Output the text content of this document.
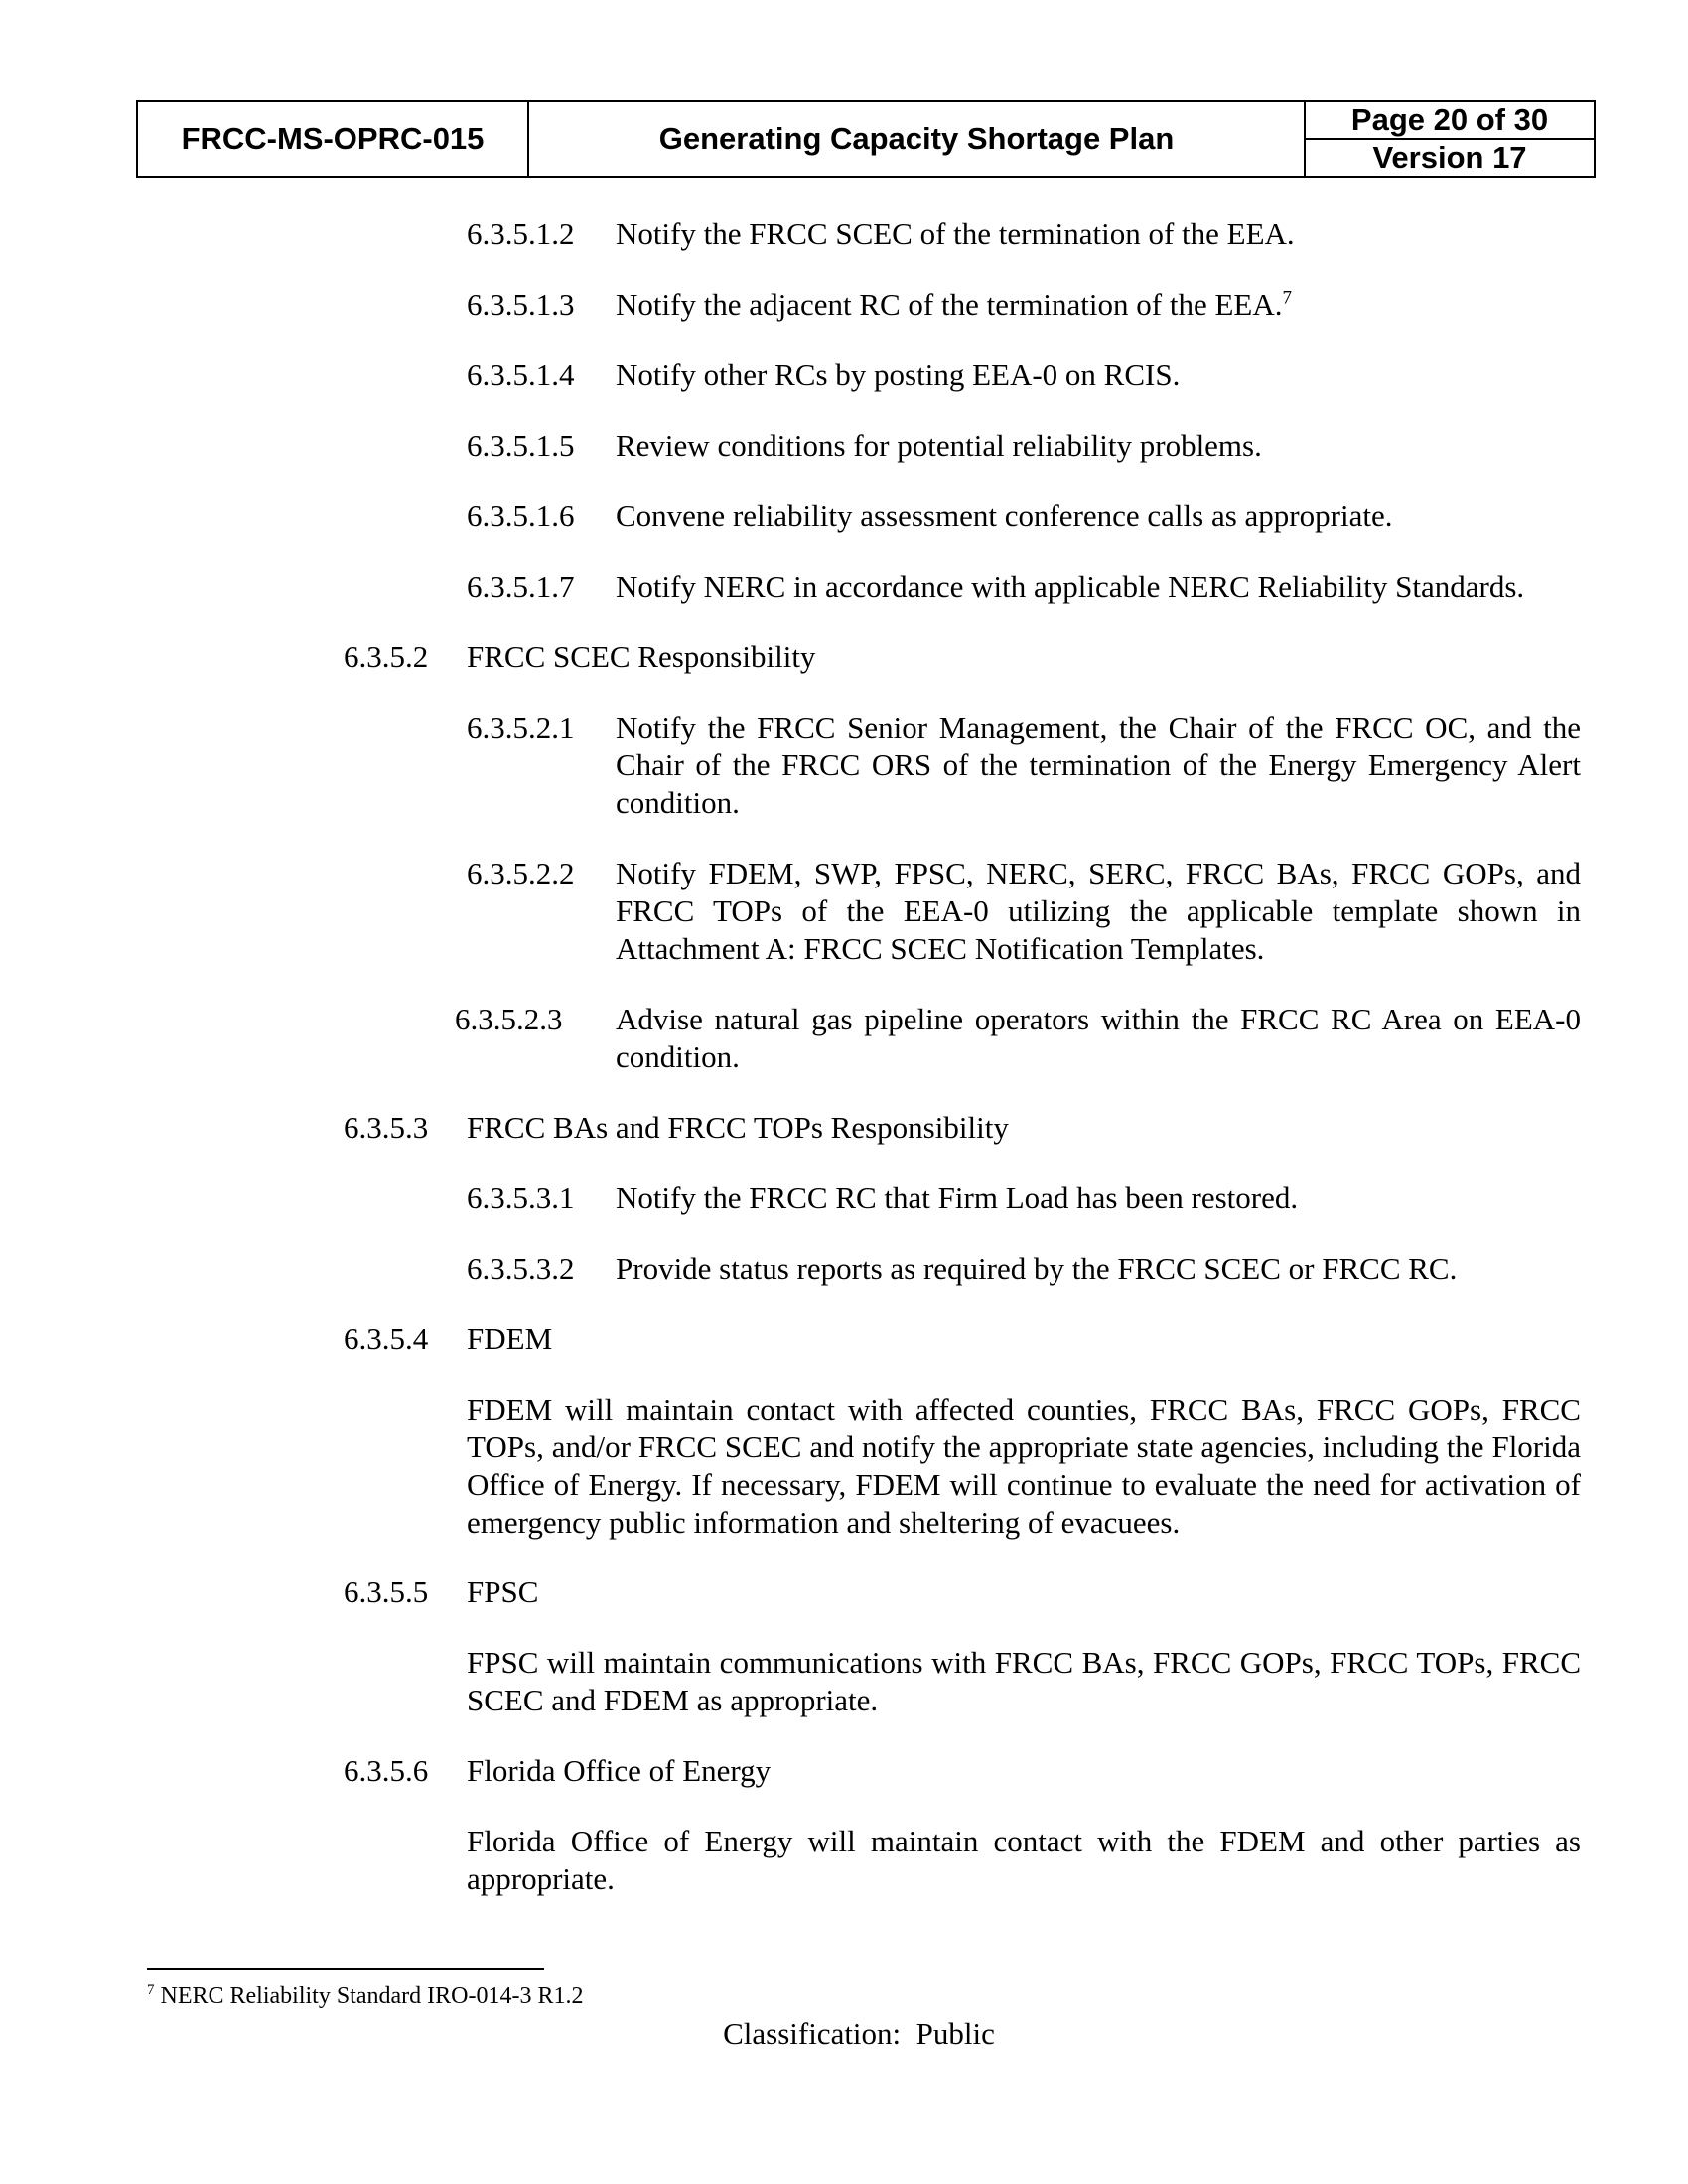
FRCC-MS-OPRC-015	Generating Capacity Shortage Plan
Page 20 of 30
Version 17
6.3.5.1.2 Notify the FRCC SCEC of the termination of the EEA.
6.3.5.1.3 Notify the adjacent RC of the termination of the EEA.$^7$
6.3.5.1.4 Notify other RCs by posting EEA-0 on RCIS.
6.3.5.1.5 Review conditions for potential reliability problems.
6.3.5.1.6 Convene reliability assessment conference calls as appropriate.
6.3.5.1.7 Notify NERC in accordance with applicable NERC Reliability Standards.
6.3.5.2 FRCC SCEC Responsibility
6.3.5.2.1 Notify the FRCC Senior Management, the Chair of the FRCC OC, and the Chair of the FRCC ORS of the termination of the Energy Emergency Alert condition.
6.3.5.2.2 Notify FDEM, SWP, FPSC, NERC, SERC, FRCC BAs, FRCC GOPs, and FRCC TOPs of the EEA-0 utilizing the applicable template shown in Attachment A: FRCC SCEC Notification Templates.
6.3.5.2.3 Advise natural gas pipeline operators within the FRCC RC Area on EEA-0 condition.
6.3.5.3 FRCC BAs and FRCC TOPs Responsibility
6.3.5.3.1 Notify the FRCC RC that Firm Load has been restored.
6.3.5.3.2 Provide status reports as required by the FRCC SCEC or FRCC RC.
6.3.5.4 FDEM
FDEM will maintain contact with affected counties, FRCC BAs, FRCC GOPs, FRCC TOPs, and/or FRCC SCEC and notify the appropriate state agencies, including the Florida Office of Energy. If necessary, FDEM will continue to evaluate the need for activation of emergency public information and sheltering of evacuees.
6.3.5.5 FPSC
FPSC will maintain communications with FRCC BAs, FRCC GOPs, FRCC TOPs, FRCC SCEC and FDEM as appropriate.
6.3.5.6 Florida Office of Energy
Florida Office of Energy will maintain contact with the FDEM and other parties as appropriate.
$^7$ NERC Reliability Standard IRO-014-3 R1.2
Classification: Public
